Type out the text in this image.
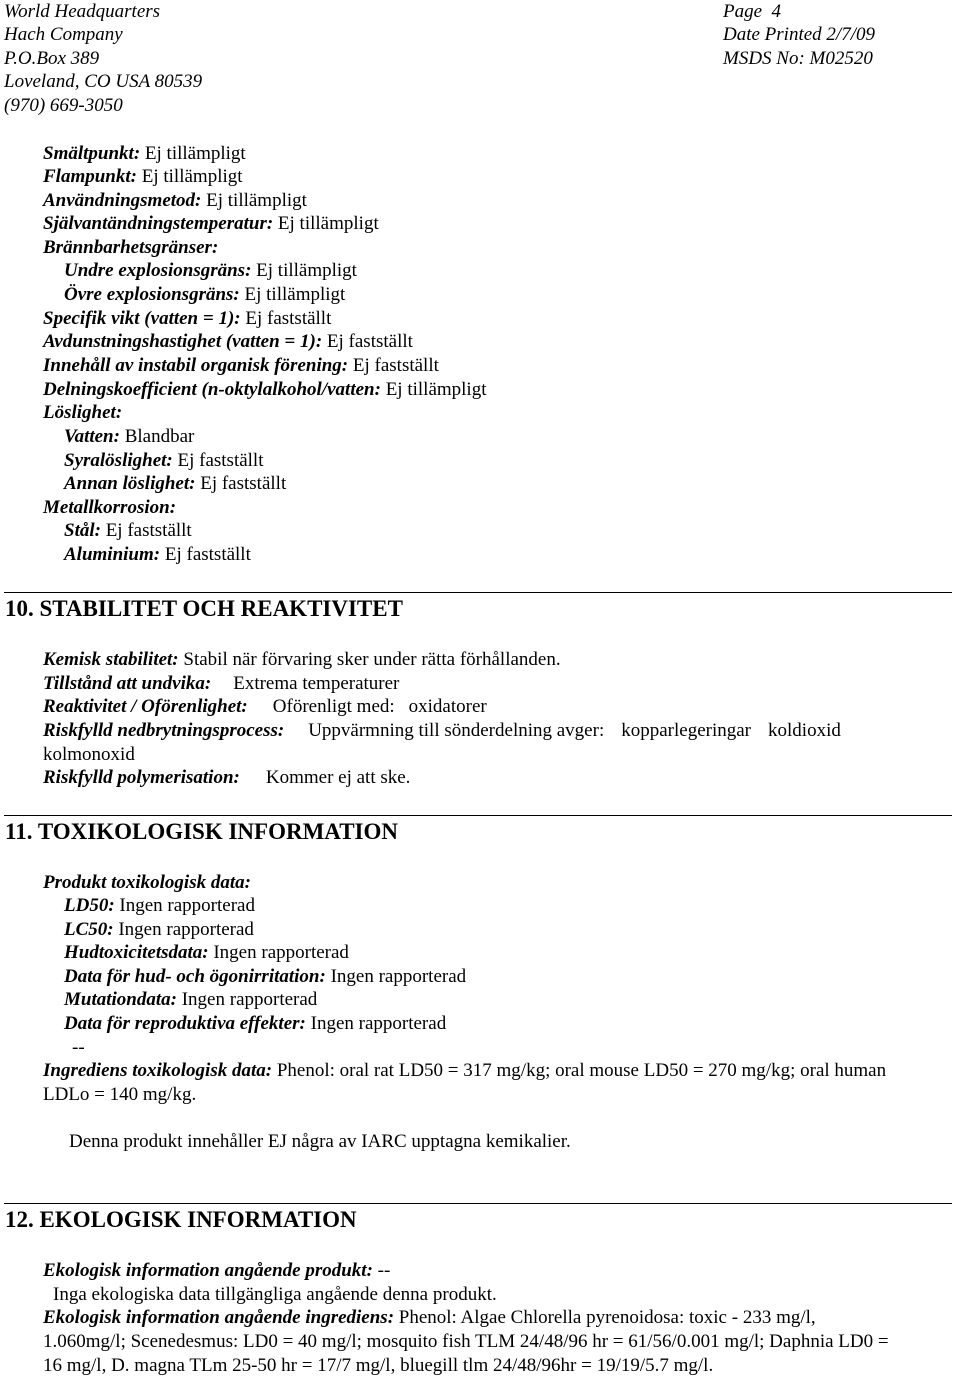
World Headquarters
Hach Company
P.O.Box 389
Loveland, CO USA 80539
(970) 669-3050
Page  4
Date Printed 2/7/09
MSDS No: M02520
Smältpunkt: Ej tillämpligt
Flampunkt: Ej tillämpligt
Användningsmetod: Ej tillämpligt
Självantändningstemperatur: Ej tillämpligt
Brännbarhetsgränser:
Undre explosionsgräns: Ej tillämpligt
Övre explosionsgräns: Ej tillämpligt
Specifik vikt (vatten = 1): Ej fastställt
Avdunstningshastighet (vatten = 1): Ej fastställt
Innehåll av instabil organisk förening: Ej fastställt
Delningskoefficient (n-oktylalkohol/vatten: Ej tillämpligt
Löslighet:
Vatten: Blandbar
Syralöslighet: Ej fastställt
Annan löslighet: Ej fastställt
Metallkorrosion:
Stål: Ej fastställt
Aluminium: Ej fastställt
10. STABILITET OCH REAKTIVITET
Kemisk stabilitet: Stabil när förvaring sker under rätta förhållanden.
Tillstånd att undvika: Extrema temperaturer
Reaktivitet / Oförenlighet: Oförenligt med: oxidatorer
Riskfylld nedbrytningsprocess: Uppvärmning till sönderdelning avger: kopparlegeringar koldioxid
kolmonoxid
Riskfylld polymerisation: Kommer ej att ske.
11. TOXIKOLOGISK INFORMATION
Produkt toxikologisk data:
LD50: Ingen rapporterad
LC50: Ingen rapporterad
Hudtoxicitetsdata: Ingen rapporterad
Data för hud- och ögonirritation: Ingen rapporterad
Mutationdata: Ingen rapporterad
Data för reproduktiva effekter: Ingen rapporterad
--
Ingrediens toxikologisk data: Phenol: oral rat LD50 = 317 mg/kg; oral mouse LD50 = 270 mg/kg; oral human
LDLo = 140 mg/kg.
Denna produkt innehåller EJ några av IARC upptagna kemikalier.
12. EKOLOGISK INFORMATION
Ekologisk information angående produkt: --
Inga ekologiska data tillgängliga angående denna produkt.
Ekologisk information angående ingrediens: Phenol: Algae Chlorella pyrenoidosa: toxic - 233 mg/l,
1.060mg/l; Scenedesmus: LD0 = 40 mg/l; mosquito fish TLM 24/48/96 hr = 61/56/0.001 mg/l; Daphnia LD0 =
16 mg/l, D. magna TLm 25-50 hr = 17/7 mg/l, bluegill tlm 24/48/96hr = 19/19/5.7 mg/l.
